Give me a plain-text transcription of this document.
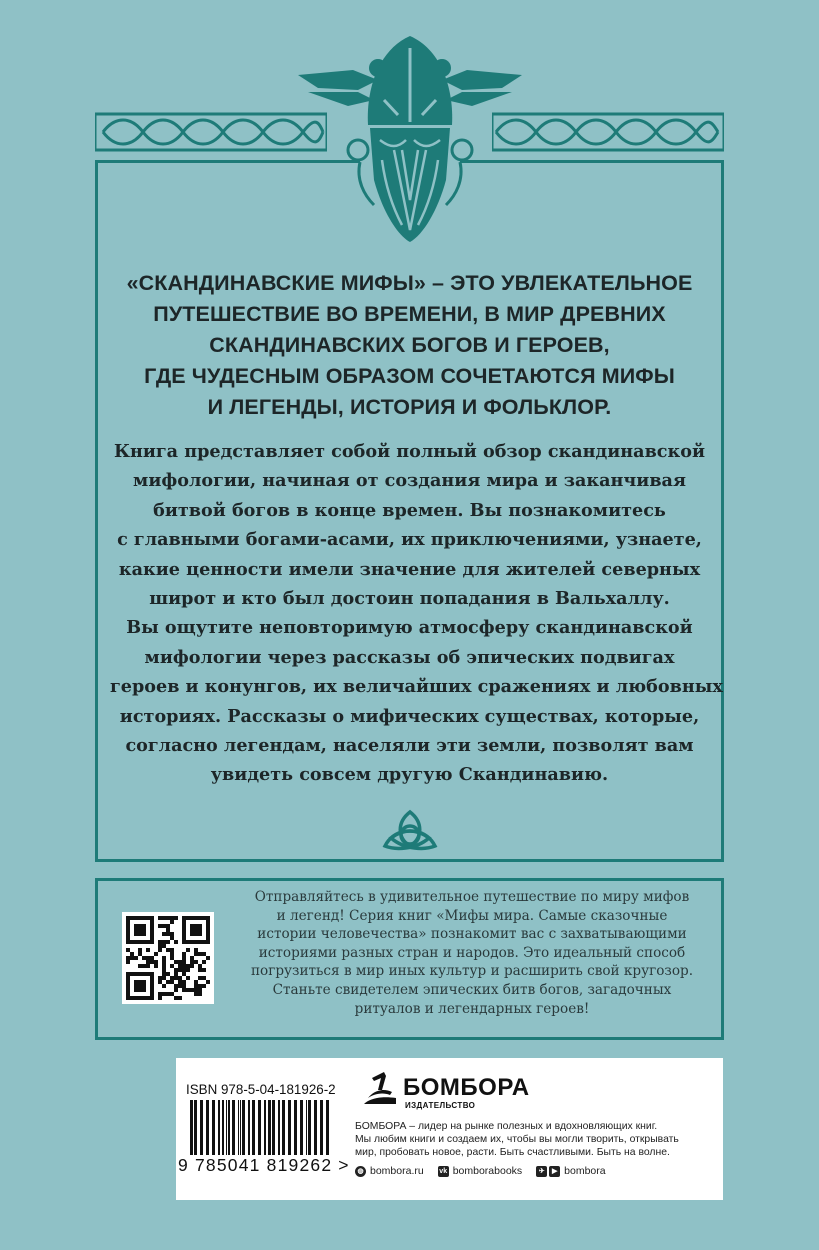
«СКАНДИНАВСКИЕ МИФЫ» – ЭТО УВЛЕКАТЕЛЬНОЕ
ПУТЕШЕСТВИЕ ВО ВРЕМЕНИ, В МИР ДРЕВНИХ
СКАНДИНАВСКИХ БОГОВ И ГЕРОЕВ,
ГДЕ ЧУДЕСНЫМ ОБРАЗОМ СОЧЕТАЮТСЯ МИФЫ
И ЛЕГЕНДЫ, ИСТОРИЯ И ФОЛЬКЛОР.
Книга представляет собой полный обзор скандинавской
мифологии, начиная от создания мира и заканчивая
битвой богов в конце времен. Вы познакомитесь
с главными богами-асами, их приключениями, узнаете,
какие ценности имели значение для жителей северных
широт и кто был достоин попадания в Вальхаллу.
Вы ощутите неповторимую атмосферу скандинавской
мифологии через рассказы об эпических подвигах
героев и конунгов, их величайших сражениях и любовных
историях. Рассказы о мифических существах, которые,
согласно легендам, населяли эти земли, позволят вам
увидеть совсем другую Скандинавию.
Отправляйтесь в удивительное путешествие по миру мифов
и легенд! Серия книг «Мифы мира. Самые сказочные
истории человечества» познакомит вас с захватывающими
историями разных стран и народов. Это идеальный способ
погрузиться в мир иных культур и расширить свой кругозор.
Станьте свидетелем эпических битв богов, загадочных
ритуалов и легендарных героев!
ISBN 978-5-04-181926-2
9 785041 819262 >
БОМБОРА
ИЗДАТЕЛЬСТВО
БОМБОРА – лидер на рынке полезных и вдохновляющих книг.
Мы любим книги и создаем их, чтобы вы могли творить, открывать
мир, пробовать новое, расти. Быть счастливыми. Быть на волне.
◍ bombora.ru vk bomborabooks	✈	▶ bombora
